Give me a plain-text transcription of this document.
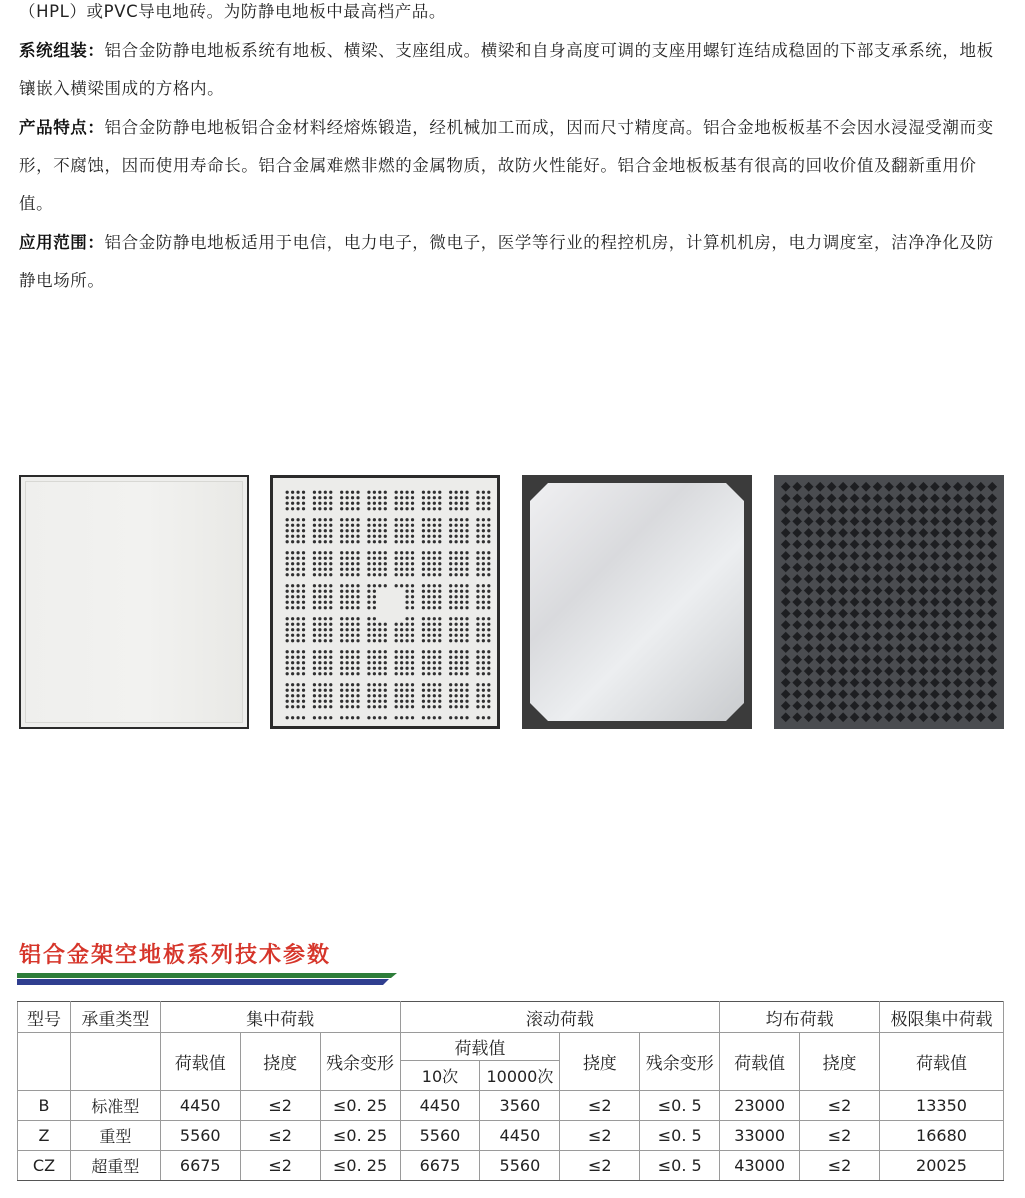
（HPL）或PVC导电地砖。为防静电地板中最高档产品。

系统组装：铝合金防静电地板系统有地板、横梁、支座组成。横梁和自身高度可调的支座用螺钉连结成稳固的下部支承系统，地板镶嵌入横梁围成的方格内。

产品特点：铝合金防静电地板铝合金材料经熔炼锻造，经机械加工而成，因而尺寸精度高。铝合金地板板基不会因水浸湿受潮而变形，不腐蚀，因而使用寿命长。铝合金属难燃非燃的金属物质，故防火性能好。铝合金地板板基有很高的回收价值及翻新重用价值。

应用范围：铝合金防静电地板适用于电信，电力电子，微电子，医学等行业的程控机房，计算机机房，电力调度室，洁净净化及防静电场所。

铝合金架空地板系列技术参数
型号	承重类型	集中荷载			滚动荷载				均布荷载		极限集中荷载
		荷载值	挠度	残余变形	荷载值		挠度	残余变形	荷载值	挠度	荷载值
					10次	10000次					
B	标准型	4450	≤2	≤0. 25	4450	3560	≤2	≤0. 5	23000	≤2	13350
Z	重型	5560	≤2	≤0. 25	5560	4450	≤2	≤0. 5	33000	≤2	16680
CZ	超重型	6675	≤2	≤0. 25	6675	5560	≤2	≤0. 5	43000	≤2	20025
